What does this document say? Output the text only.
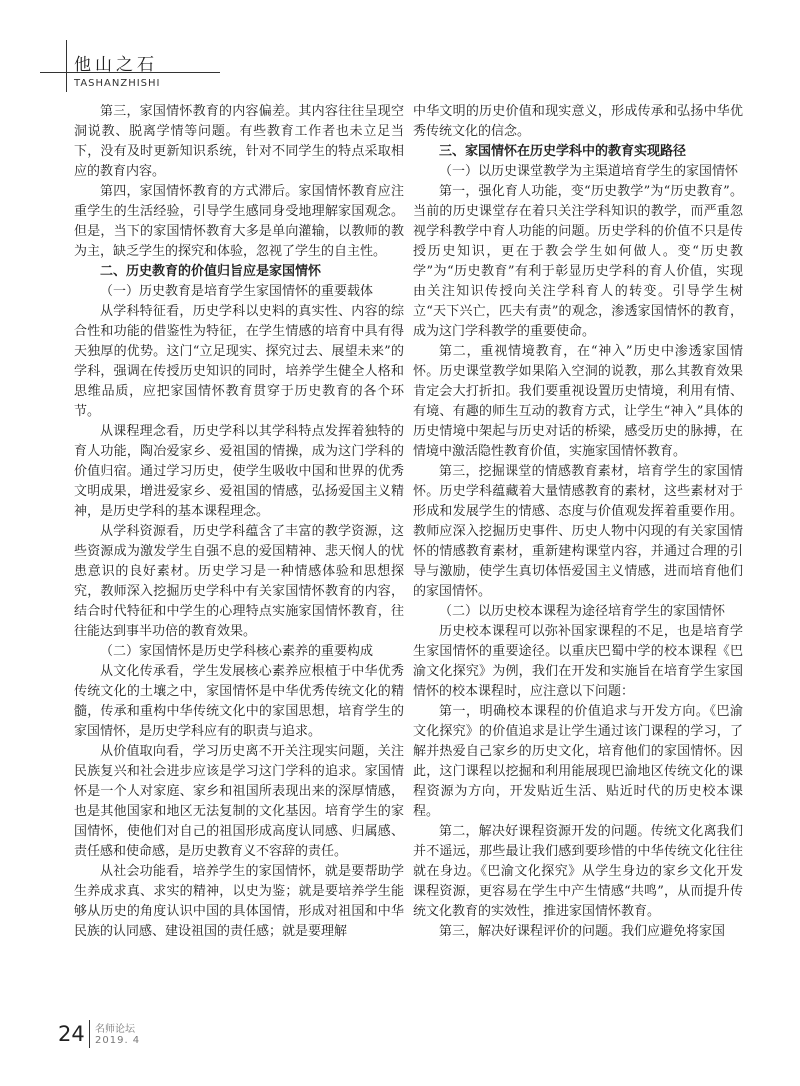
他山之石
TASHANZHISHI

第三，家国情怀教育的内容偏差。其内容往往呈现空洞说教、脱离学情等问题。有些教育工作者也未立足当下，没有及时更新知识系统，针对不同学生的特点采取相应的教育内容。

第四，家国情怀教育的方式滞后。家国情怀教育应注重学生的生活经验，引导学生感同身受地理解家国观念。但是，当下的家国情怀教育大多是单向灌输，以教师的教为主，缺乏学生的探究和体验，忽视了学生的自主性。

二、历史教育的价值归旨应是家国情怀

（一）历史教育是培育学生家国情怀的重要载体

从学科特征看，历史学科以史料的真实性、内容的综合性和功能的借鉴性为特征，在学生情感的培育中具有得天独厚的优势。这门“立足现实、探究过去、展望未来”的学科，强调在传授历史知识的同时，培养学生健全人格和思维品质，应把家国情怀教育贯穿于历史教育的各个环节。

从课程理念看，历史学科以其学科特点发挥着独特的育人功能，陶冶爱家乡、爱祖国的情操，成为这门学科的价值归宿。通过学习历史，使学生吸收中国和世界的优秀文明成果，增进爱家乡、爱祖国的情感，弘扬爱国主义精神，是历史学科的基本课程理念。

从学科资源看，历史学科蕴含了丰富的教学资源，这些资源成为激发学生自强不息的爱国精神、悲天悯人的忧患意识的良好素材。历史学习是一种情感体验和思想探究，教师深入挖掘历史学科中有关家国情怀教育的内容，结合时代特征和中学生的心理特点实施家国情怀教育，往往能达到事半功倍的教育效果。

（二）家国情怀是历史学科核心素养的重要构成

从文化传承看，学生发展核心素养应根植于中华优秀传统文化的土壤之中，家国情怀是中华优秀传统文化的精髓，传承和重构中华传统文化中的家国思想，培育学生的家国情怀，是历史学科应有的职责与追求。

从价值取向看，学习历史离不开关注现实问题，关注民族复兴和社会进步应该是学习这门学科的追求。家国情怀是一个人对家庭、家乡和祖国所表现出来的深厚情感，也是其他国家和地区无法复制的文化基因。培育学生的家国情怀，使他们对自己的祖国形成高度认同感、归属感、责任感和使命感，是历史教育义不容辞的责任。

从社会功能看，培养学生的家国情怀，就是要帮助学生养成求真、求实的精神，以史为鉴；就是要培养学生能够从历史的角度认识中国的具体国情，形成对祖国和中华民族的认同感、建设祖国的责任感；就是要理解

中华文明的历史价值和现实意义，形成传承和弘扬中华优秀传统文化的信念。

三、家国情怀在历史学科中的教育实现路径

（一）以历史课堂教学为主渠道培育学生的家国情怀

第一，强化育人功能，变“历史教学”为“历史教育”。当前的历史课堂存在着只关注学科知识的教学，而严重忽视学科教学中育人功能的问题。历史学科的价值不只是传授历史知识，更在于教会学生如何做人。变“历史教学”为“历史教育”有利于彰显历史学科的育人价值，实现由关注知识传授向关注学科育人的转变。引导学生树立“天下兴亡，匹夫有责”的观念，渗透家国情怀的教育，成为这门学科教学的重要使命。

第二，重视情境教育，在“神入”历史中渗透家国情怀。历史课堂教学如果陷入空洞的说教，那么其教育效果肯定会大打折扣。我们要重视设置历史情境，利用有情、有境、有趣的师生互动的教育方式，让学生“神入”具体的历史情境中架起与历史对话的桥梁，感受历史的脉搏，在情境中激活隐性教育价值，实施家国情怀教育。

第三，挖掘课堂的情感教育素材，培育学生的家国情怀。历史学科蕴藏着大量情感教育的素材，这些素材对于形成和发展学生的情感、态度与价值观发挥着重要作用。教师应深入挖掘历史事件、历史人物中闪现的有关家国情怀的情感教育素材，重新建构课堂内容，并通过合理的引导与激励，使学生真切体悟爱国主义情感，进而培育他们的家国情怀。

（二）以历史校本课程为途径培育学生的家国情怀

历史校本课程可以弥补国家课程的不足，也是培育学生家国情怀的重要途径。以重庆巴蜀中学的校本课程《巴渝文化探究》为例，我们在开发和实施旨在培育学生家国情怀的校本课程时，应注意以下问题：

第一，明确校本课程的价值追求与开发方向。《巴渝文化探究》的价值追求是让学生通过该门课程的学习，了解并热爱自己家乡的历史文化，培育他们的家国情怀。因此，这门课程以挖掘和利用能展现巴渝地区传统文化的课程资源为方向，开发贴近生活、贴近时代的历史校本课程。

第二，解决好课程资源开发的问题。传统文化离我们并不遥远，那些最让我们感到要珍惜的中华传统文化往往就在身边。《巴渝文化探究》从学生身边的家乡文化开发课程资源，更容易在学生中产生情感“共鸣”，从而提升传统文化教育的实效性，推进家国情怀教育。

第三，解决好课程评价的问题。我们应避免将家国

24 名师论坛
2019. 4
